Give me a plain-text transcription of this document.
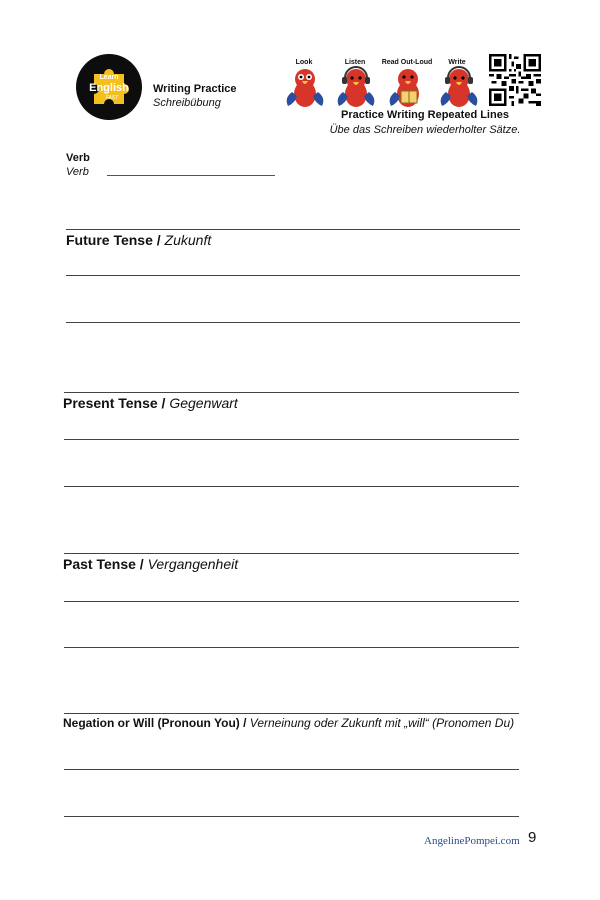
Learn
English
FAST
Writing Practice
Schreibübung
Look	Listen	Read Out-Loud	Write
Practice Writing Repeated Lines
Übe das Schreiben wiederholter Sätze.
Verb
Verb
Future Tense / Zukunft
Present Tense / Gegenwart
Past Tense / Vergangenheit
Negation or Will (Pronoun You) / Verneinung oder Zukunft mit „will“ (Pronomen Du)
AngelinePompei.com 9
